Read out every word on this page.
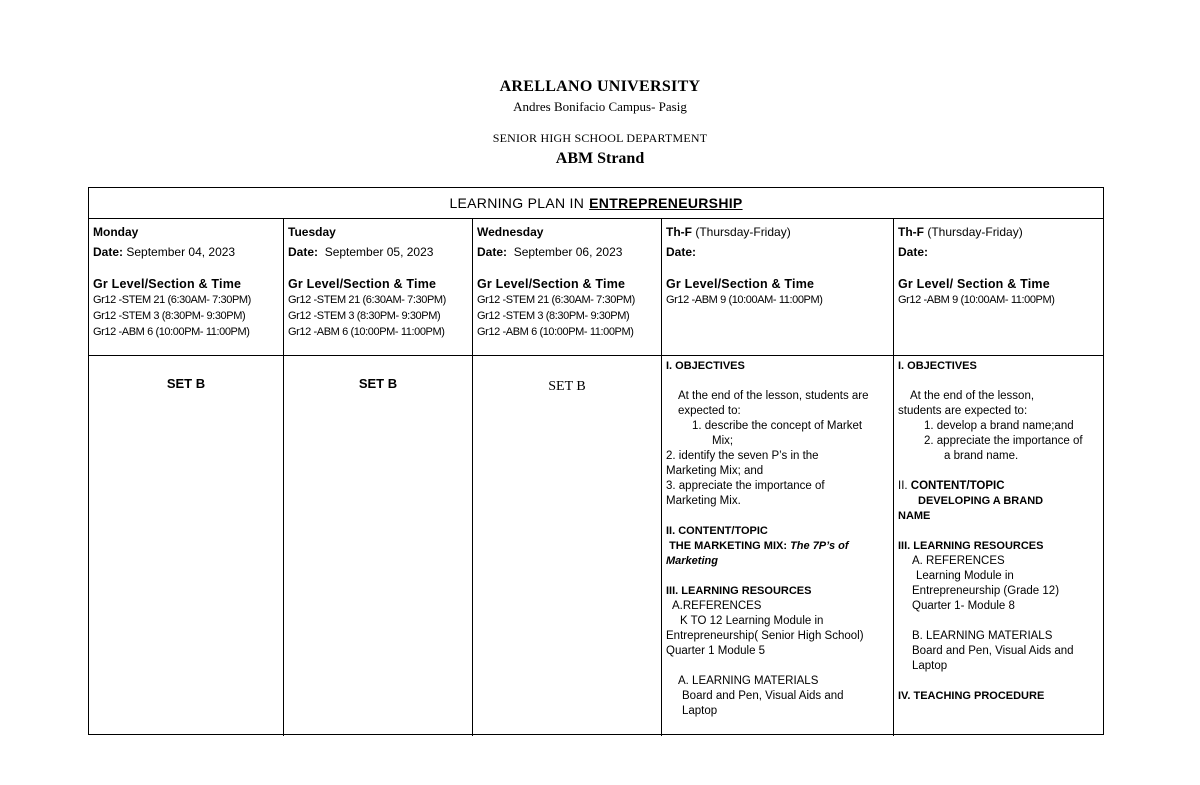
ARELLANO UNIVERSITY
Andres Bonifacio Campus- Pasig
SENIOR HIGH SCHOOL DEPARTMENT
ABM Strand
LEARNING PLAN IN ENTREPRENEURSHIP
Monday
Date: September 04, 2023
Gr Level/Section & Time
Gr12 -STEM 21 (6:30AM- 7:30PM)
Gr12 -STEM 3 (8:30PM- 9:30PM)
Gr12 -ABM 6 (10:00PM- 11:00PM)
Tuesday
Date: September 05, 2023
Gr Level/Section & Time
Gr12 -STEM 21 (6:30AM- 7:30PM)
Gr12 -STEM 3 (8:30PM- 9:30PM)
Gr12 -ABM 6 (10:00PM- 11:00PM)
Wednesday
Date: September 06, 2023
Gr Level/Section & Time
Gr12 -STEM 21 (6:30AM- 7:30PM)
Gr12 -STEM 3 (8:30PM- 9:30PM)
Gr12 -ABM 6 (10:00PM- 11:00PM)
Th-F (Thursday-Friday)
Date:
Gr Level/Section & Time
Gr12 -ABM 9 (10:00AM- 11:00PM)
Th-F (Thursday-Friday)
Date:
Gr Level/ Section & Time
Gr12 -ABM 9 (10:00AM- 11:00PM)
SET B	SET B	SET B
I. OBJECTIVES
At the end of the lesson, students are expected to:
1. describe the concept of Market
Mix;
2. identify the seven P’s in the
Marketing Mix; and
3. appreciate the importance of
Marketing Mix.
II. CONTENT/TOPIC
THE MARKETING MIX: The 7P’s of Marketing
III. LEARNING RESOURCES
A.REFERENCES
K TO 12 Learning Module in
Entrepreneurship( Senior High School)
Quarter 1 Module 5
A. LEARNING MATERIALS
Board and Pen, Visual Aids and
Laptop
I. OBJECTIVES
At the end of the lesson,
students are expected to:
1. develop a brand name;and
2. appreciate the importance of
a brand name.
II. CONTENT/TOPIC
DEVELOPING A BRAND
NAME
III. LEARNING RESOURCES
A. REFERENCES
Learning Module in
Entrepreneurship (Grade 12)
Quarter 1- Module 8
B. LEARNING MATERIALS
Board and Pen, Visual Aids and
Laptop
IV. TEACHING PROCEDURE
